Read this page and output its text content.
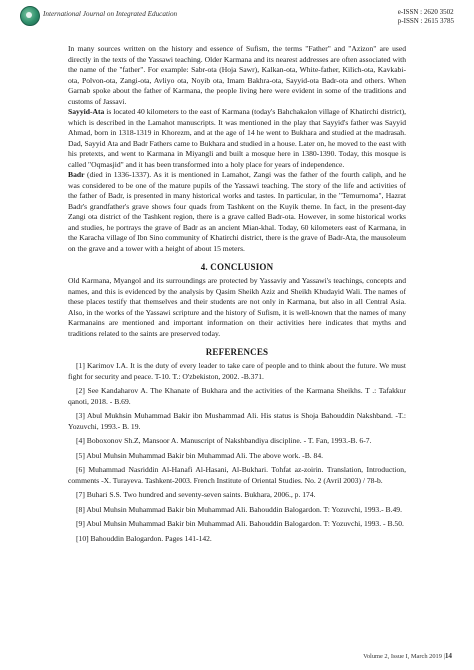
International Journal on Integrated Education	e-ISSN : 2620 3502
p-ISSN : 2615 3785

In many sources written on the history and essence of Sufism, the terms "Father" and "Azizon" are used directly in the texts of the Yassawi teaching. Older Karmana and its nearest addresses are often associated with the name of the "father". For example: Sabr-ota (Hoja Sawr), Kalkan-ota, White-father, Kilich-ota, Kavkabi-ota, Polvon-ota, Zangi-ota, Avliyo ota, Noyib ota, Imam Bakhra-ota, Sayyid-ota Badr-ota and others. When Garnab spoke about the father of Karmana, the people living here were evident in some of the traditions and customs of Jassavi.

Sayyid-Ata is located 40 kilometers to the east of Karmana (today's Bahchakalon village of Khatirchi district), which is described in the Lamahot manuscripts. It was mentioned in the play that Sayyid's father was Sayyid Ahmad, born in 1318-1319 in Khorezm, and at the age of 14 he went to Bukhara and studied at the madrasah. Dad, Sayyid Ata and Badr Fathers came to Bukhara and studied in a house. Later on, he moved to the east with his pretexts, and went to Karmana in Miyangli and built a mosque here in 1380-1390. Today, this mosque is called "Oqmasjid" and it has been transformed into a holy place for years of independence.

Badr (died in 1336-1337). As it is mentioned in Lamahot, Zangi was the father of the fourth caliph, and he was considered to be one of the mature pupils of the Yassawi teaching. The story of the life and activities of the father of Badr, is presented in many historical works and tastes. In particular, in the "Temurnoma", Hazrat Badr's grandfather's grave shows four quads from Tashkent on the Kuyik theme. In fact, in the present-day Zangi ota district of the Tashkent region, there is a grave called Badr-ota. However, in some historical works and studies, he portrays the grave of Badr as an ancient Mian-khal. Today, 60 kilometers east of Karmana, in the Karacha village of Ibn Sino community of Khatirchi district, there is the grave of Badr-Ata, the mausoleum on the grave and a tower with a height of about 15 meters.

4. CONCLUSION

Old Karmana, Myangol and its surroundings are protected by Yassaviy and Yassawi's teachings, concepts and names, and this is evidenced by the analysis by Qasim Sheikh Aziz and Sheikh Khudayid Wali. The names of these places testify that themselves and their students are not only in Karmana, but also in all Central Asia. Also, in the works of the Yassawi scripture and the history of Sufism, it is well-known that the names of many Karmanains are mentioned and important information on their activities here indicates that myths and traditions related to the saints are preserved today.

REFERENCES
[1] Karimov I.A. It is the duty of every leader to take care of people and to think about the future. We must fight for security and peace. T-10. T.: O'zbekiston, 2002. -B.371.
[2] See Kandaharov A. The Khanate of Bukhara and the activities of the Karmana Sheikhs. T .: Tafakkur qanoti, 2018. - B.69.
[3] Abul Mukhsin Muhammad Bakir ibn Mushammad Ali. His status is Shoja Bahouddin Nakshband. -T.: Yozuvchi, 1993.- B. 19.
[4] Boboxonov Sh.Z, Mansoor A. Manuscript of Nakshbandiya discipline. - T. Fan, 1993.-B. 6-7.
[5] Abul Muhsin Muhammad Bakir bin Muhammad Ali. The above work. -B. 84.
[6] Muhammad Nasriddin Al-Hanafi Al-Hasani, Al-Bukhari. Tohfat az-zoirin. Translation, Introduction, comments -X. Turayeva. Tashkent-2003. French Institute of Oriental Studies. No. 2 (Avril 2003) / 78-b.
[7] Buhari S.S. Two hundred and seventy-seven saints. Bukhara, 2006., p. 174.
[8] Abul Muhsin Muhammad Bakir bin Muhammad Ali. Bahouddin Balogardon. T: Yozuvchi, 1993.- B.49.
[9] Abul Muhsin Muhammad Bakir bin Muhammad Ali. Bahouddin Balogardon. T: Yozuvchi, 1993. - B.50.
[10] Bahouddin Balogardon. Pages 141-142.
Volume 2, Issue I, March 2019 |14
